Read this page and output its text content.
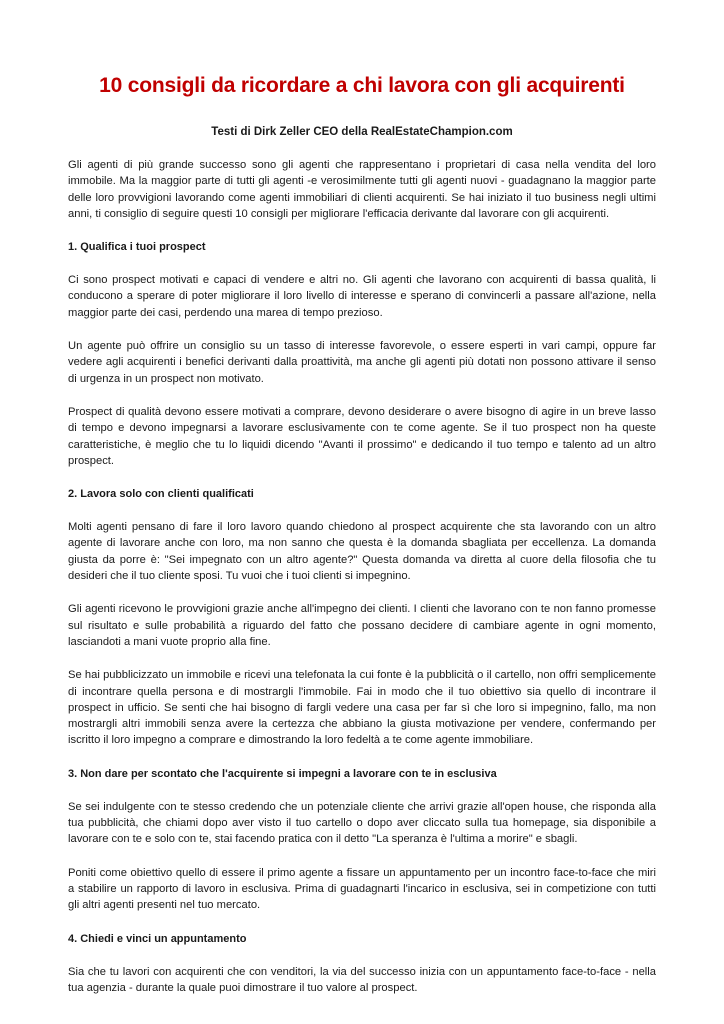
10 consigli da ricordare a chi lavora con gli acquirenti
Testi di Dirk Zeller CEO della RealEstateChampion.com

Gli agenti di più grande successo sono gli agenti che rappresentano i proprietari di casa nella vendita del loro immobile. Ma la maggior parte di tutti gli agenti -e verosimilmente tutti gli agenti nuovi - guadagnano la maggior parte delle loro provvigioni lavorando come agenti immobiliari di clienti acquirenti. Se hai iniziato il tuo business negli ultimi anni, ti consiglio di seguire questi 10 consigli per migliorare l'efficacia derivante dal lavorare con gli acquirenti.

1. Qualifica i tuoi prospect

Ci sono prospect motivati e capaci di vendere e altri no. Gli agenti che lavorano con acquirenti di bassa qualità, li conducono a sperare di poter migliorare il loro livello di interesse e sperano di convincerli a passare all'azione, nella maggior parte dei casi, perdendo una marea di tempo prezioso.

Un agente può offrire un consiglio su un tasso di interesse favorevole, o essere esperti in vari campi, oppure far vedere agli acquirenti i benefici derivanti dalla proattività, ma anche gli agenti più dotati non possono attivare il senso di urgenza in un prospect non motivato.

Prospect di qualità devono essere motivati a comprare, devono desiderare o avere bisogno di agire in un breve lasso di tempo e devono impegnarsi a lavorare esclusivamente con te come agente. Se il tuo prospect non ha queste caratteristiche, è meglio che tu lo liquidi dicendo "Avanti il prossimo" e dedicando il tuo tempo e talento ad un altro prospect.

2. Lavora solo con clienti qualificati

Molti agenti pensano di fare il loro lavoro quando chiedono al prospect acquirente che sta lavorando con un altro agente di lavorare anche con loro, ma non sanno che questa è la domanda sbagliata per eccellenza. La domanda giusta da porre è: "Sei impegnato con un altro agente?" Questa domanda va diretta al cuore della filosofia che tu desideri che il tuo cliente sposi. Tu vuoi che i tuoi clienti si impegnino.

Gli agenti ricevono le provvigioni grazie anche all'impegno dei clienti. I clienti che lavorano con te non fanno promesse sul risultato e sulle probabilità a riguardo del fatto che possano decidere di cambiare agente in ogni momento, lasciandoti a mani vuote proprio alla fine.

Se hai pubblicizzato un immobile e ricevi una telefonata la cui fonte è la pubblicità o il cartello, non offri semplicemente di incontrare quella persona e di mostrargli l'immobile. Fai in modo che il tuo obiettivo sia quello di incontrare il prospect in ufficio. Se senti che hai bisogno di fargli vedere una casa per far sì che loro si impegnino, fallo, ma non mostrargli altri immobili senza avere la certezza che abbiano la giusta motivazione per vendere, confermando per iscritto il loro impegno a comprare e dimostrando la loro fedeltà a te come agente immobiliare.

3. Non dare per scontato che l'acquirente si impegni a lavorare con te in esclusiva

Se sei indulgente con te stesso credendo che un potenziale cliente che arrivi grazie all'open house, che risponda alla tua pubblicità, che chiami dopo aver visto il tuo cartello o dopo aver cliccato sulla tua homepage, sia disponibile a lavorare con te e solo con te, stai facendo pratica con il detto "La speranza è l'ultima a morire" e sbagli.

Poniti come obiettivo quello di essere il primo agente a fissare un appuntamento per un incontro face-to-face che miri a stabilire un rapporto di lavoro in esclusiva. Prima di guadagnarti l'incarico in esclusiva, sei in competizione con tutti gli altri agenti presenti nel tuo mercato.

4. Chiedi e vinci un appuntamento

Sia che tu lavori con acquirenti che con venditori, la via del successo inizia con un appuntamento face-to-face - nella tua agenzia - durante la quale puoi dimostrare il tuo valore al prospect.
